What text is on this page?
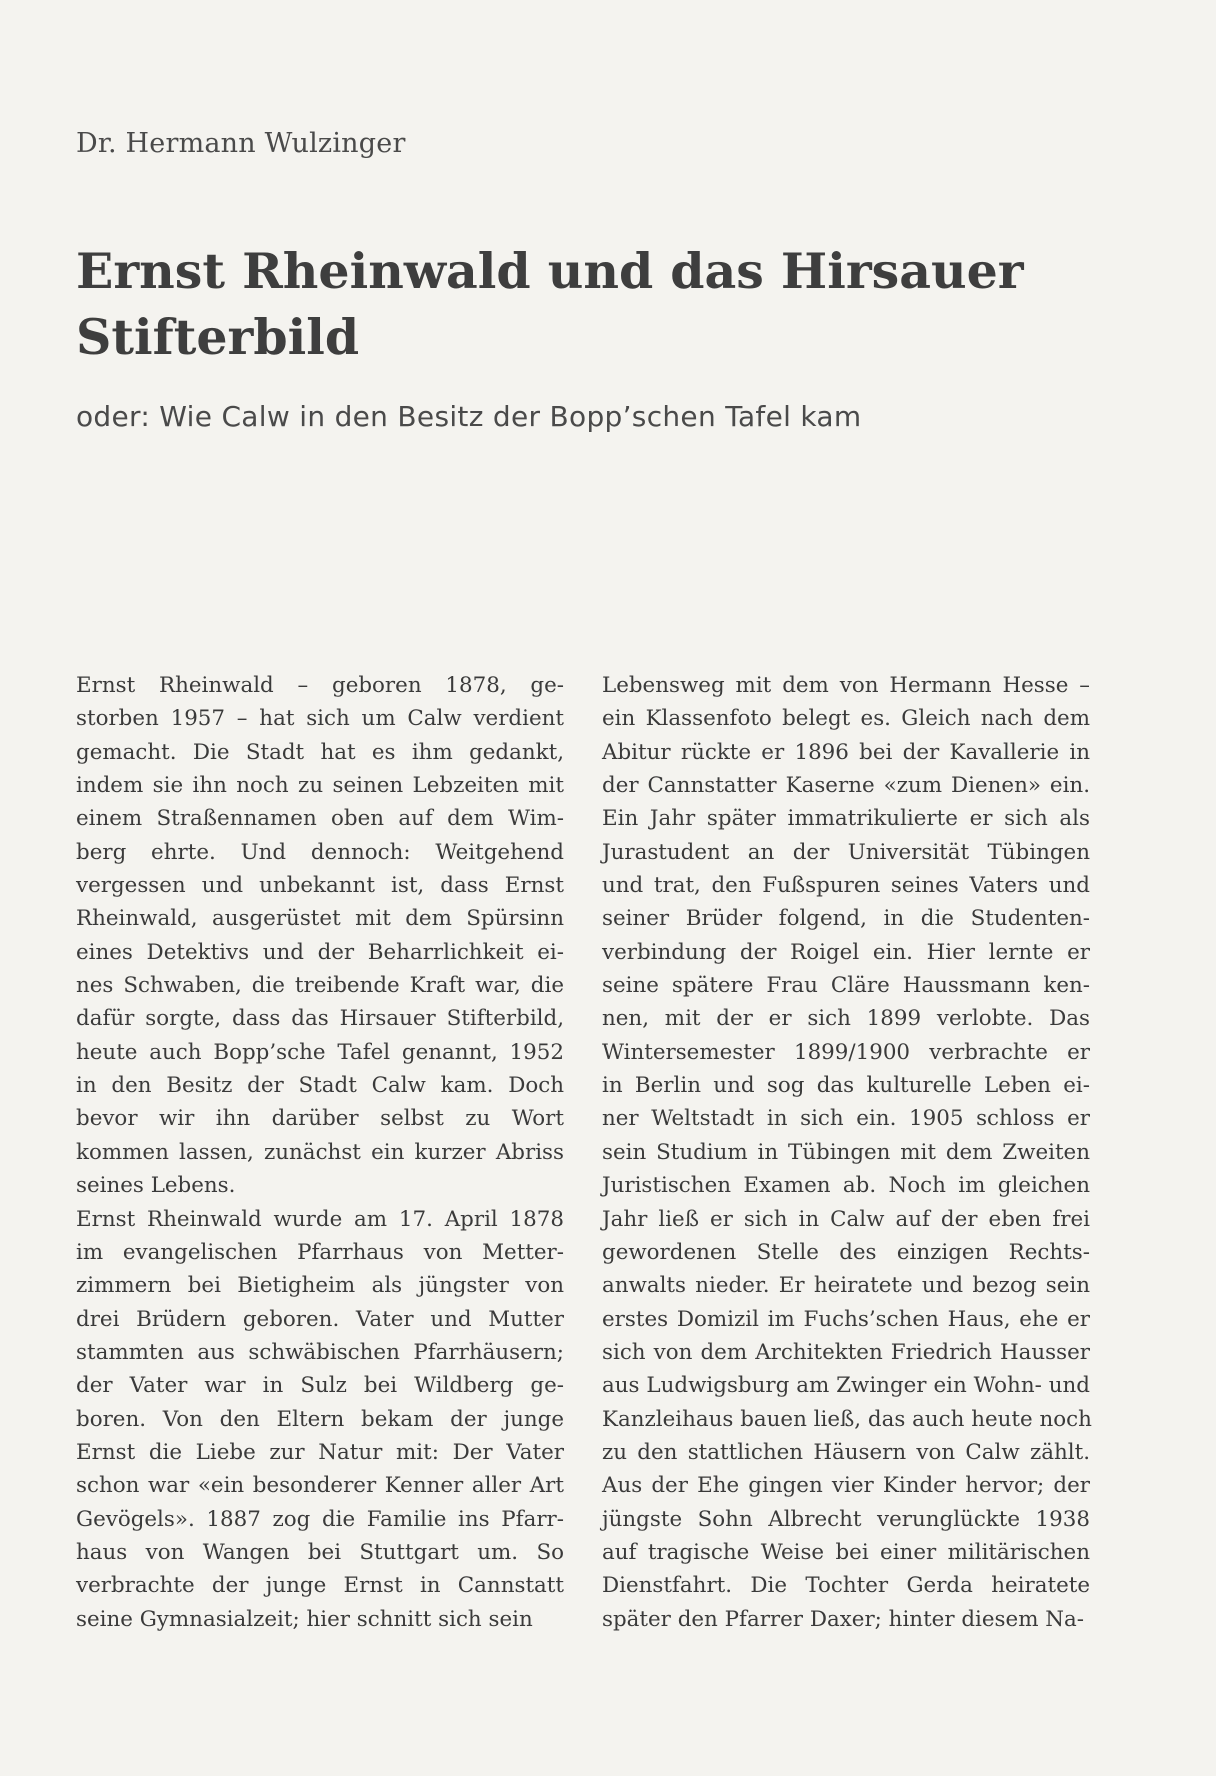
Dr. Hermann Wulzinger
Ernst Rheinwald und das Hirsauer
Stifterbild
oder: Wie Calw in den Besitz der Bopp’schen Tafel kam
Ernst Rheinwald – geboren 1878, ge-
storben 1957 – hat sich um Calw verdient
gemacht. Die Stadt hat es ihm gedankt,
indem sie ihn noch zu seinen Lebzeiten mit
einem Straßennamen oben auf dem Wim-
berg ehrte. Und dennoch: Weitgehend
vergessen und unbekannt ist, dass Ernst
Rheinwald, ausgerüstet mit dem Spürsinn
eines Detektivs und der Beharrlichkeit ei-
nes Schwaben, die treibende Kraft war, die
dafür sorgte, dass das Hirsauer Stifterbild,
heute auch Bopp’sche Tafel genannt, 1952
in den Besitz der Stadt Calw kam. Doch
bevor wir ihn darüber selbst zu Wort
kommen lassen, zunächst ein kurzer Abriss
seines Lebens.
Ernst Rheinwald wurde am 17. April 1878
im evangelischen Pfarrhaus von Metter-
zimmern bei Bietigheim als jüngster von
drei Brüdern geboren. Vater und Mutter
stammten aus schwäbischen Pfarrhäusern;
der Vater war in Sulz bei Wildberg ge-
boren. Von den Eltern bekam der junge
Ernst die Liebe zur Natur mit: Der Vater
schon war «ein besonderer Kenner aller Art
Gevögels». 1887 zog die Familie ins Pfarr-
haus von Wangen bei Stuttgart um. So
verbrachte der junge Ernst in Cannstatt
seine Gymnasialzeit; hier schnitt sich sein
Lebensweg mit dem von Hermann Hesse –
ein Klassenfoto belegt es. Gleich nach dem
Abitur rückte er 1896 bei der Kavallerie in
der Cannstatter Kaserne «zum Dienen» ein.
Ein Jahr später immatrikulierte er sich als
Jurastudent an der Universität Tübingen
und trat, den Fußspuren seines Vaters und
seiner Brüder folgend, in die Studenten-
verbindung der Roigel ein. Hier lernte er
seine spätere Frau Cläre Haussmann ken-
nen, mit der er sich 1899 verlobte. Das
Wintersemester 1899/1900 verbrachte er
in Berlin und sog das kulturelle Leben ei-
ner Weltstadt in sich ein. 1905 schloss er
sein Studium in Tübingen mit dem Zweiten
Juristischen Examen ab. Noch im gleichen
Jahr ließ er sich in Calw auf der eben frei
gewordenen Stelle des einzigen Rechts-
anwalts nieder. Er heiratete und bezog sein
erstes Domizil im Fuchs’schen Haus, ehe er
sich von dem Architekten Friedrich Hausser
aus Ludwigsburg am Zwinger ein Wohn- und
Kanzleihaus bauen ließ, das auch heute noch
zu den stattlichen Häusern von Calw zählt.
Aus der Ehe gingen vier Kinder hervor; der
jüngste Sohn Albrecht verunglückte 1938
auf tragische Weise bei einer militärischen
Dienstfahrt. Die Tochter Gerda heiratete
später den Pfarrer Daxer; hinter diesem Na-
